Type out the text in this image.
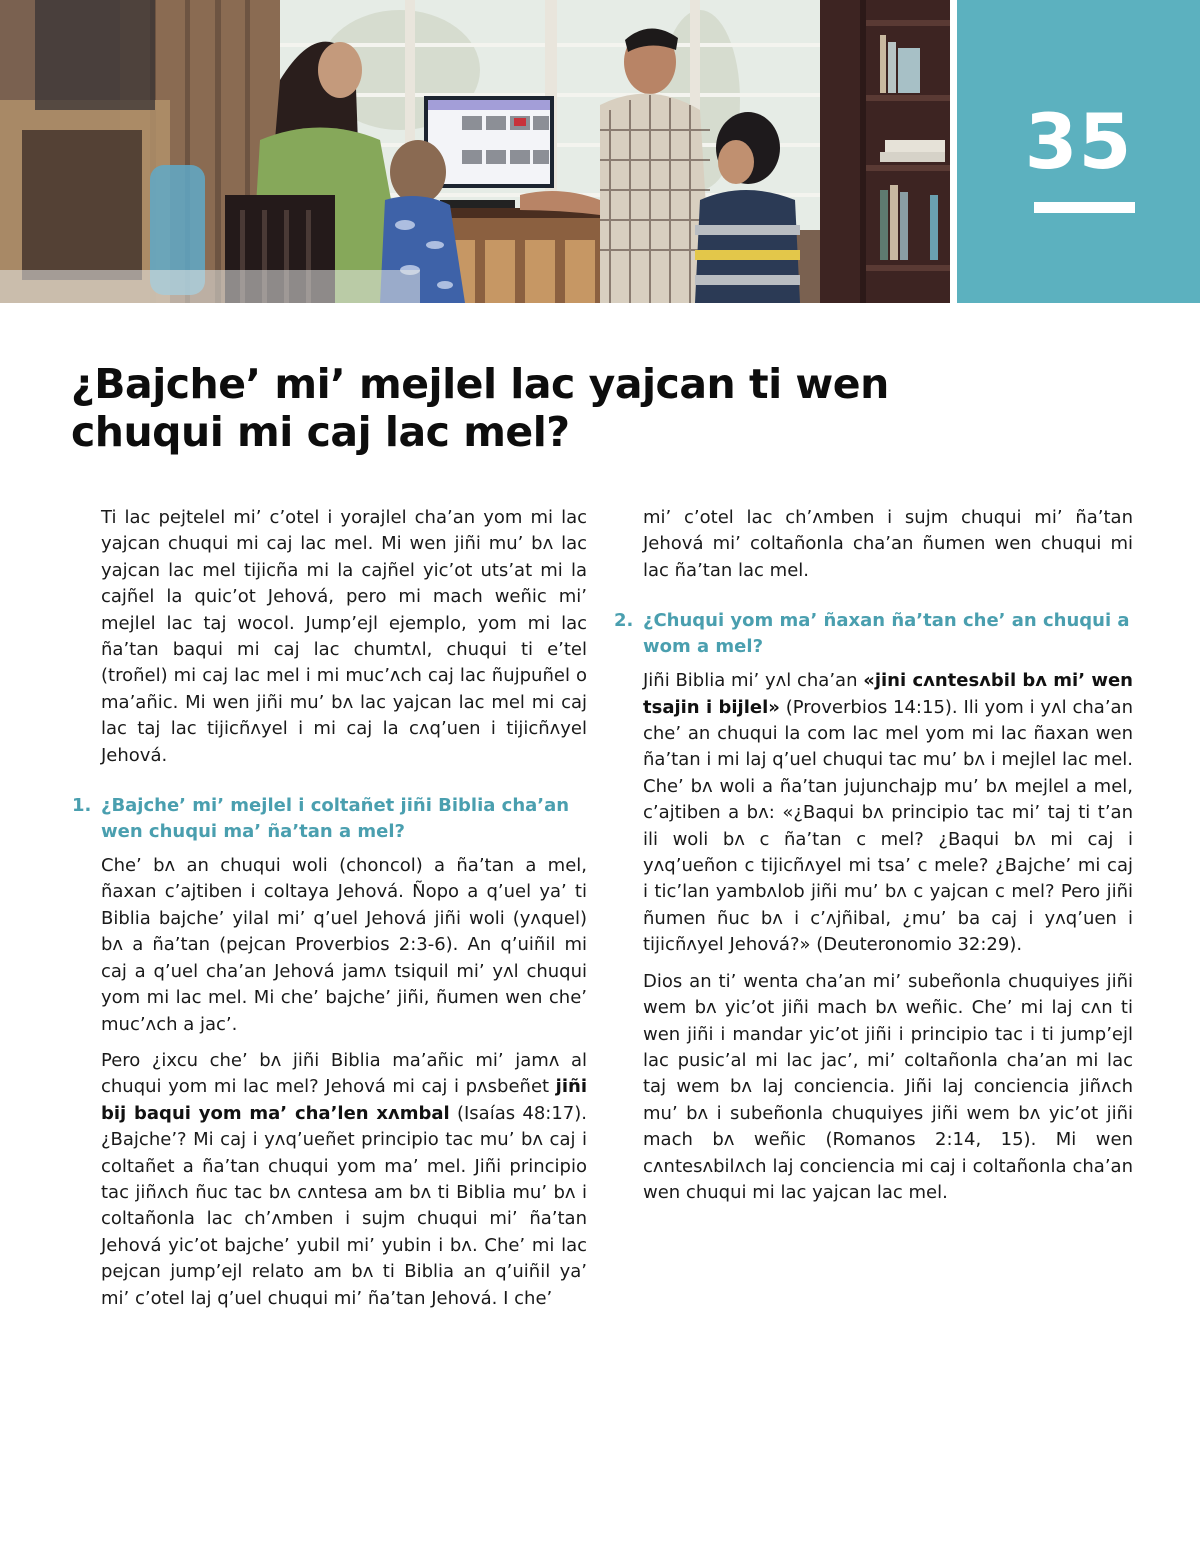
35
¿Bajche’ mi’ mejlel lac yajcan ti wen chuqui mi caj lac mel?

Ti lac pejtelel mi’ c’otel i yorajlel cha’an yom mi lac yajcan chuqui mi caj lac mel. Mi wen jiñi mu’ bʌ lac yajcan lac mel tijicña mi la cajñel yic’ot uts’at mi la cajñel la quic’ot Jehová, pero mi mach weñic mi’ mejlel lac taj wocol. Jump’ejl ejemplo, yom mi lac ña’tan baqui mi caj lac chumtʌl, chuqui ti e’tel (troñel) mi caj lac mel i mi muc’ʌch caj lac ñujpuñel o ma’añic. Mi wen jiñi mu’ bʌ lac yajcan lac mel mi caj lac taj lac tijicñʌyel i mi caj la cʌq’uen i tijicñʌyel Jehová.

1. ¿Bajche’ mi’ mejlel i coltañet jiñi Biblia cha’an wen chuqui ma’ ña’tan a mel?

Che’ bʌ an chuqui woli (choncol) a ña’tan a mel, ñaxan c’ajtiben i coltaya Jehová. Ñopo a q’uel ya’ ti Biblia bajche’ yilal mi’ q’uel Jehová jiñi woli (yʌquel) bʌ a ña’tan (pejcan Proverbios 2:3-6). An q’uiñil mi caj a q’uel cha’an Jehová jamʌ tsiquil mi’ yʌl chuqui yom mi lac mel. Mi che’ bajche’ jiñi, ñumen wen che’ muc’ʌch a jac’.

Pero ¿ixcu che’ bʌ jiñi Biblia ma’añic mi’ jamʌ al chuqui yom mi lac mel? Jehová mi caj i pʌsbeñet jiñi bij baqui yom ma’ cha’len xʌmbal (Isaías 48:17). ¿Bajche’? Mi caj i yʌq’ueñet principio tac mu’ bʌ caj i coltañet a ña’tan chuqui yom ma’ mel. Jiñi principio tac jiñʌch ñuc tac bʌ cʌntesa am bʌ ti Biblia mu’ bʌ i coltañonla lac ch’ʌmben i sujm chuqui mi’ ña’tan Jehová yic’ot bajche’ yubil mi’ yubin i bʌ. Che’ mi lac pejcan jump’ejl relato am bʌ ti Biblia an q’uiñil ya’ mi’ c’otel laj q’uel chuqui mi’ ña’tan Jehová. I che’

mi’ c’otel lac ch’ʌmben i sujm chuqui mi’ ña’tan Jehová mi’ coltañonla cha’an ñumen wen chuqui mi lac ña’tan lac mel.

2. ¿Chuqui yom ma’ ñaxan ña’tan che’ an chuqui a wom a mel?

Jiñi Biblia mi’ yʌl cha’an «jini cʌntesʌbil bʌ mi’ wen tsajin i bijlel» (Proverbios 14:15). Ili yom i yʌl cha’an che’ an chuqui la com lac mel yom mi lac ñaxan wen ña’tan i mi laj q’uel chuqui tac mu’ bʌ i mejlel lac mel. Che’ bʌ woli a ña’tan jujunchajp mu’ bʌ mejlel a mel, c’ajtiben a bʌ: «¿Baqui bʌ principio tac mi’ taj ti t’an ili woli bʌ c ña’tan c mel? ¿Baqui bʌ mi caj i yʌq’ueñon c tijicñʌyel mi tsa’ c mele? ¿Bajche’ mi caj i tic’lan yambʌlob jiñi mu’ bʌ c yajcan c mel? Pero jiñi ñumen ñuc bʌ i c’ʌjñibal, ¿mu’ ba caj i yʌq’uen i tijicñʌyel Jehová?» (Deuteronomio 32:29).

Dios an ti’ wenta cha’an mi’ subeñonla chuquiyes jiñi wem bʌ yic’ot jiñi mach bʌ weñic. Che’ mi laj cʌn ti wen jiñi i mandar yic’ot jiñi i principio tac i ti jump’ejl lac pusic’al mi lac jac’, mi’ coltañonla cha’an mi lac taj wem bʌ laj conciencia. Jiñi laj conciencia jiñʌch mu’ bʌ i subeñonla chuquiyes jiñi wem bʌ yic’ot jiñi mach bʌ weñic (Romanos 2:14, 15). Mi wen cʌntesʌbilʌch laj conciencia mi caj i coltañonla cha’an wen chuqui mi lac yajcan lac mel.
